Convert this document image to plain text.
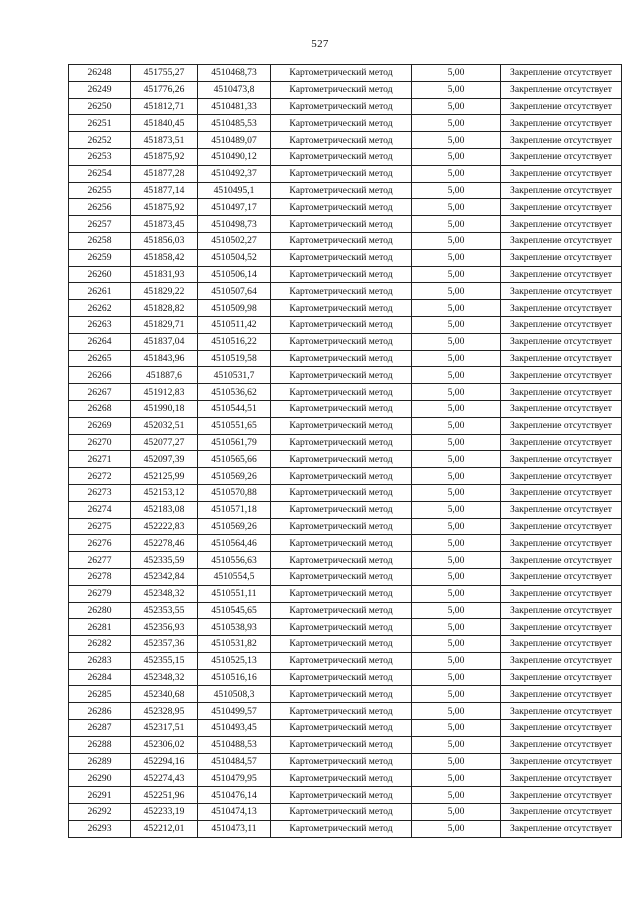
527
26248	451755,27	4510468,73	Картометрический метод	5,00	Закрепление отсутствует
26249	451776,26	4510473,8	Картометрический метод	5,00	Закрепление отсутствует
26250	451812,71	4510481,33	Картометрический метод	5,00	Закрепление отсутствует
26251	451840,45	4510485,53	Картометрический метод	5,00	Закрепление отсутствует
26252	451873,51	4510489,07	Картометрический метод	5,00	Закрепление отсутствует
26253	451875,92	4510490,12	Картометрический метод	5,00	Закрепление отсутствует
26254	451877,28	4510492,37	Картометрический метод	5,00	Закрепление отсутствует
26255	451877,14	4510495,1	Картометрический метод	5,00	Закрепление отсутствует
26256	451875,92	4510497,17	Картометрический метод	5,00	Закрепление отсутствует
26257	451873,45	4510498,73	Картометрический метод	5,00	Закрепление отсутствует
26258	451856,03	4510502,27	Картометрический метод	5,00	Закрепление отсутствует
26259	451858,42	4510504,52	Картометрический метод	5,00	Закрепление отсутствует
26260	451831,93	4510506,14	Картометрический метод	5,00	Закрепление отсутствует
26261	451829,22	4510507,64	Картометрический метод	5,00	Закрепление отсутствует
26262	451828,82	4510509,98	Картометрический метод	5,00	Закрепление отсутствует
26263	451829,71	4510511,42	Картометрический метод	5,00	Закрепление отсутствует
26264	451837,04	4510516,22	Картометрический метод	5,00	Закрепление отсутствует
26265	451843,96	4510519,58	Картометрический метод	5,00	Закрепление отсутствует
26266	451887,6	4510531,7	Картометрический метод	5,00	Закрепление отсутствует
26267	451912,83	4510536,62	Картометрический метод	5,00	Закрепление отсутствует
26268	451990,18	4510544,51	Картометрический метод	5,00	Закрепление отсутствует
26269	452032,51	4510551,65	Картометрический метод	5,00	Закрепление отсутствует
26270	452077,27	4510561,79	Картометрический метод	5,00	Закрепление отсутствует
26271	452097,39	4510565,66	Картометрический метод	5,00	Закрепление отсутствует
26272	452125,99	4510569,26	Картометрический метод	5,00	Закрепление отсутствует
26273	452153,12	4510570,88	Картометрический метод	5,00	Закрепление отсутствует
26274	452183,08	4510571,18	Картометрический метод	5,00	Закрепление отсутствует
26275	452222,83	4510569,26	Картометрический метод	5,00	Закрепление отсутствует
26276	452278,46	4510564,46	Картометрический метод	5,00	Закрепление отсутствует
26277	452335,59	4510556,63	Картометрический метод	5,00	Закрепление отсутствует
26278	452342,84	4510554,5	Картометрический метод	5,00	Закрепление отсутствует
26279	452348,32	4510551,11	Картометрический метод	5,00	Закрепление отсутствует
26280	452353,55	4510545,65	Картометрический метод	5,00	Закрепление отсутствует
26281	452356,93	4510538,93	Картометрический метод	5,00	Закрепление отсутствует
26282	452357,36	4510531,82	Картометрический метод	5,00	Закрепление отсутствует
26283	452355,15	4510525,13	Картометрический метод	5,00	Закрепление отсутствует
26284	452348,32	4510516,16	Картометрический метод	5,00	Закрепление отсутствует
26285	452340,68	4510508,3	Картометрический метод	5,00	Закрепление отсутствует
26286	452328,95	4510499,57	Картометрический метод	5,00	Закрепление отсутствует
26287	452317,51	4510493,45	Картометрический метод	5,00	Закрепление отсутствует
26288	452306,02	4510488,53	Картометрический метод	5,00	Закрепление отсутствует
26289	452294,16	4510484,57	Картометрический метод	5,00	Закрепление отсутствует
26290	452274,43	4510479,95	Картометрический метод	5,00	Закрепление отсутствует
26291	452251,96	4510476,14	Картометрический метод	5,00	Закрепление отсутствует
26292	452233,19	4510474,13	Картометрический метод	5,00	Закрепление отсутствует
26293	452212,01	4510473,11	Картометрический метод	5,00	Закрепление отсутствует
